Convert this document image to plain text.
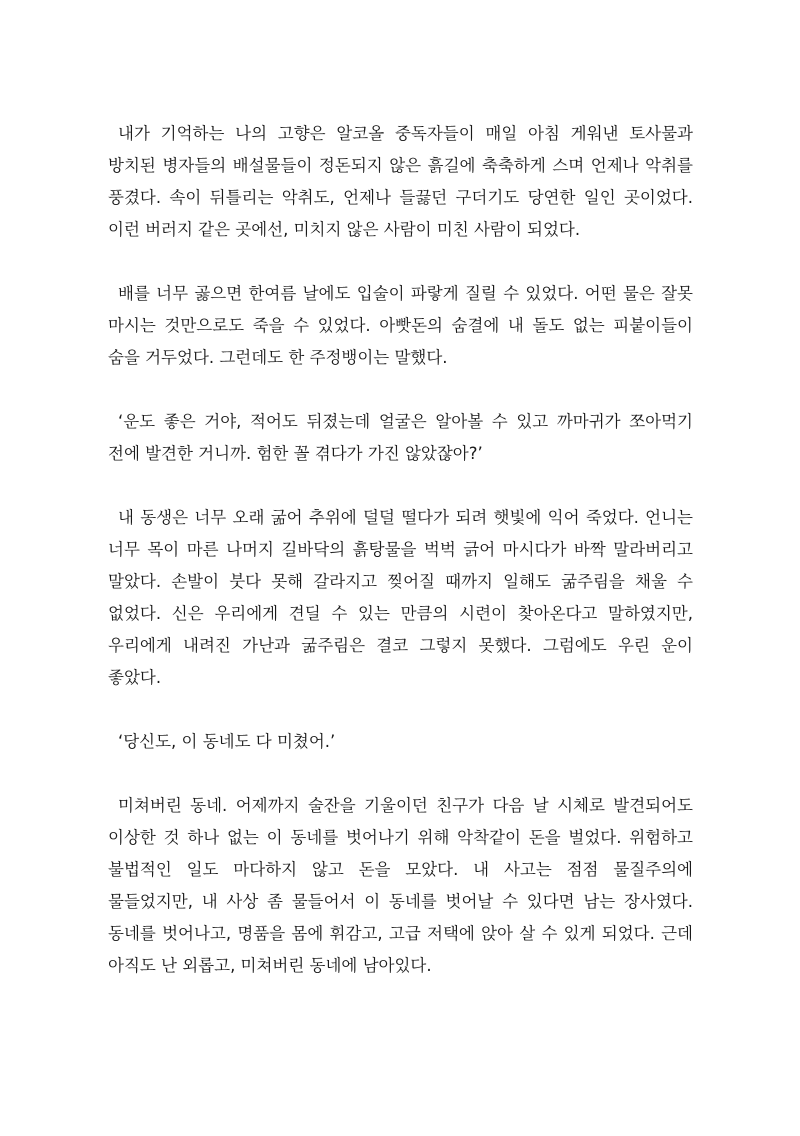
내가 기억하는 나의 고향은 알코올 중독자들이 매일 아침 게워낸 토사물과 방치된 병자들의 배설물들이 정돈되지 않은 흙길에 축축하게 스며 언제나 악취를 풍겼다. 속이 뒤틀리는 악취도, 언제나 들끓던 구더기도 당연한 일인 곳이었다. 이런 버러지 같은 곳에선, 미치지 않은 사람이 미친 사람이 되었다.

배를 너무 곯으면 한여름 날에도 입술이 파랗게 질릴 수 있었다. 어떤 물은 잘못 마시는 것만으로도 죽을 수 있었다. 아빳돈의 숨결에 내 돌도 없는 피붙이들이 숨을 거두었다. 그런데도 한 주정뱅이는 말했다.

‘운도 좋은 거야, 적어도 뒤졌는데 얼굴은 알아볼 수 있고 까마귀가 쪼아먹기 전에 발견한 거니까. 험한 꼴 겪다가 가진 않았잖아?’

내 동생은 너무 오래 굶어 추위에 덜덜 떨다가 되려 햇빛에 익어 죽었다. 언니는 너무 목이 마른 나머지 길바닥의 흙탕물을 벅벅 긁어 마시다가 바짝 말라버리고 말았다. 손발이 붓다 못해 갈라지고 찢어질 때까지 일해도 굶주림을 채울 수 없었다. 신은 우리에게 견딜 수 있는 만큼의 시련이 찾아온다고 말하였지만, 우리에게 내려진 가난과 굶주림은 결코 그렇지 못했다. 그럼에도 우린 운이 좋았다.

‘당신도, 이 동네도 다 미쳤어.’

미쳐버린 동네. 어제까지 술잔을 기울이던 친구가 다음 날 시체로 발견되어도 이상한 것 하나 없는 이 동네를 벗어나기 위해 악착같이 돈을 벌었다. 위험하고 불법적인 일도 마다하지 않고 돈을 모았다. 내 사고는 점점 물질주의에 물들었지만, 내 사상 좀 물들어서 이 동네를 벗어날 수 있다면 남는 장사였다. 동네를 벗어나고, 명품을 몸에 휘감고, 고급 저택에 앉아 살 수 있게 되었다. 근데 아직도 난 외롭고, 미쳐버린 동네에 남아있다.
